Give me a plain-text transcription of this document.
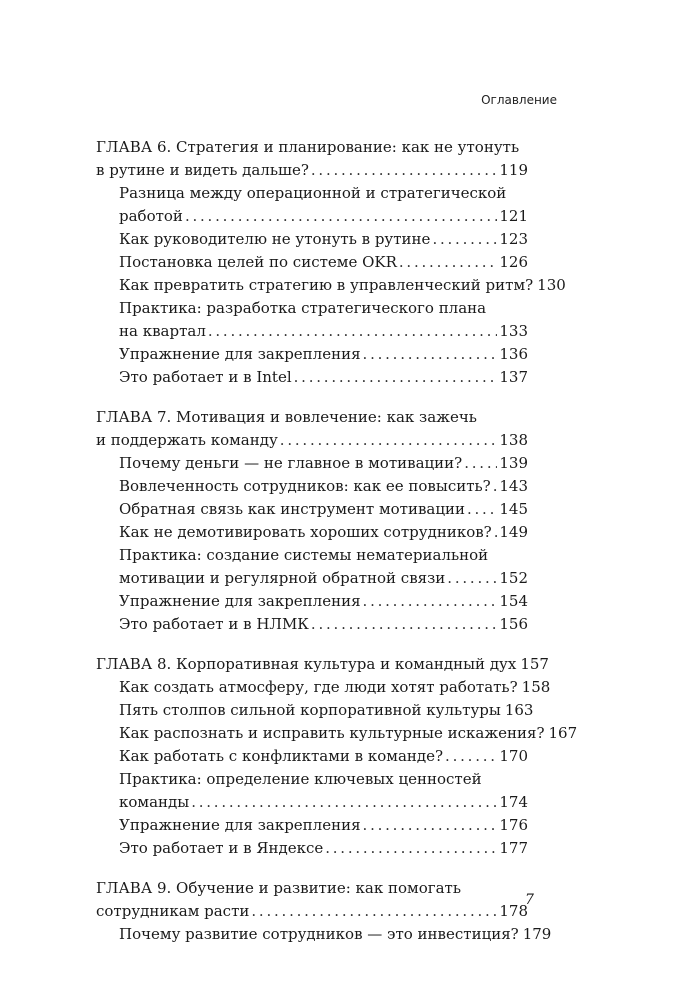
Оглавление
ГЛАВА 6. Стратегия и планирование: как не утонуть
в рутине и видеть дальше? . . .	119
Разница между операционной и стратегической
работой . . .	121
Как руководителю не утонуть в рутине . . .	123
Постановка целей по системе OKR . . .	126
Как превратить стратегию в управленческий ритм? 130
Практика: разработка стратегического плана
на квартал . . .	133
Упражнение для закрепления . . .	136
Это работает и в Intel . . .	137
ГЛАВА 7. Мотивация и вовлечение: как зажечь
и поддержать команду . . .	138
Почему деньги — не главное в мотивации? . . . 139
Вовлеченность сотрудников: как ее повысить? . . . 143
Обратная связь как инструмент мотивации . . . 145
Как не демотивировать хороших сотрудников? . . . 149
Практика: создание системы нематериальной
мотивации и регулярной обратной связи . . .	152
Упражнение для закрепления . . .	154
Это работает и в НЛМК . . .	156
ГЛАВА 8. Корпоративная культура и командный дух 157
Как создать атмосферу, где люди хотят работать? 158
Пять столпов сильной корпоративной культуры 163
Как распознать и исправить культурные искажения? 167
Как работать с конфликтами в команде? . . .	170
Практика: определение ключевых ценностей
команды . . .	174
Упражнение для закрепления . . .	176
Это работает и в Яндексе . . .	177
ГЛАВА 9. Обучение и развитие: как помогать
сотрудникам расти . . .	178
Почему развитие сотрудников — это инвестиция? 179
7
